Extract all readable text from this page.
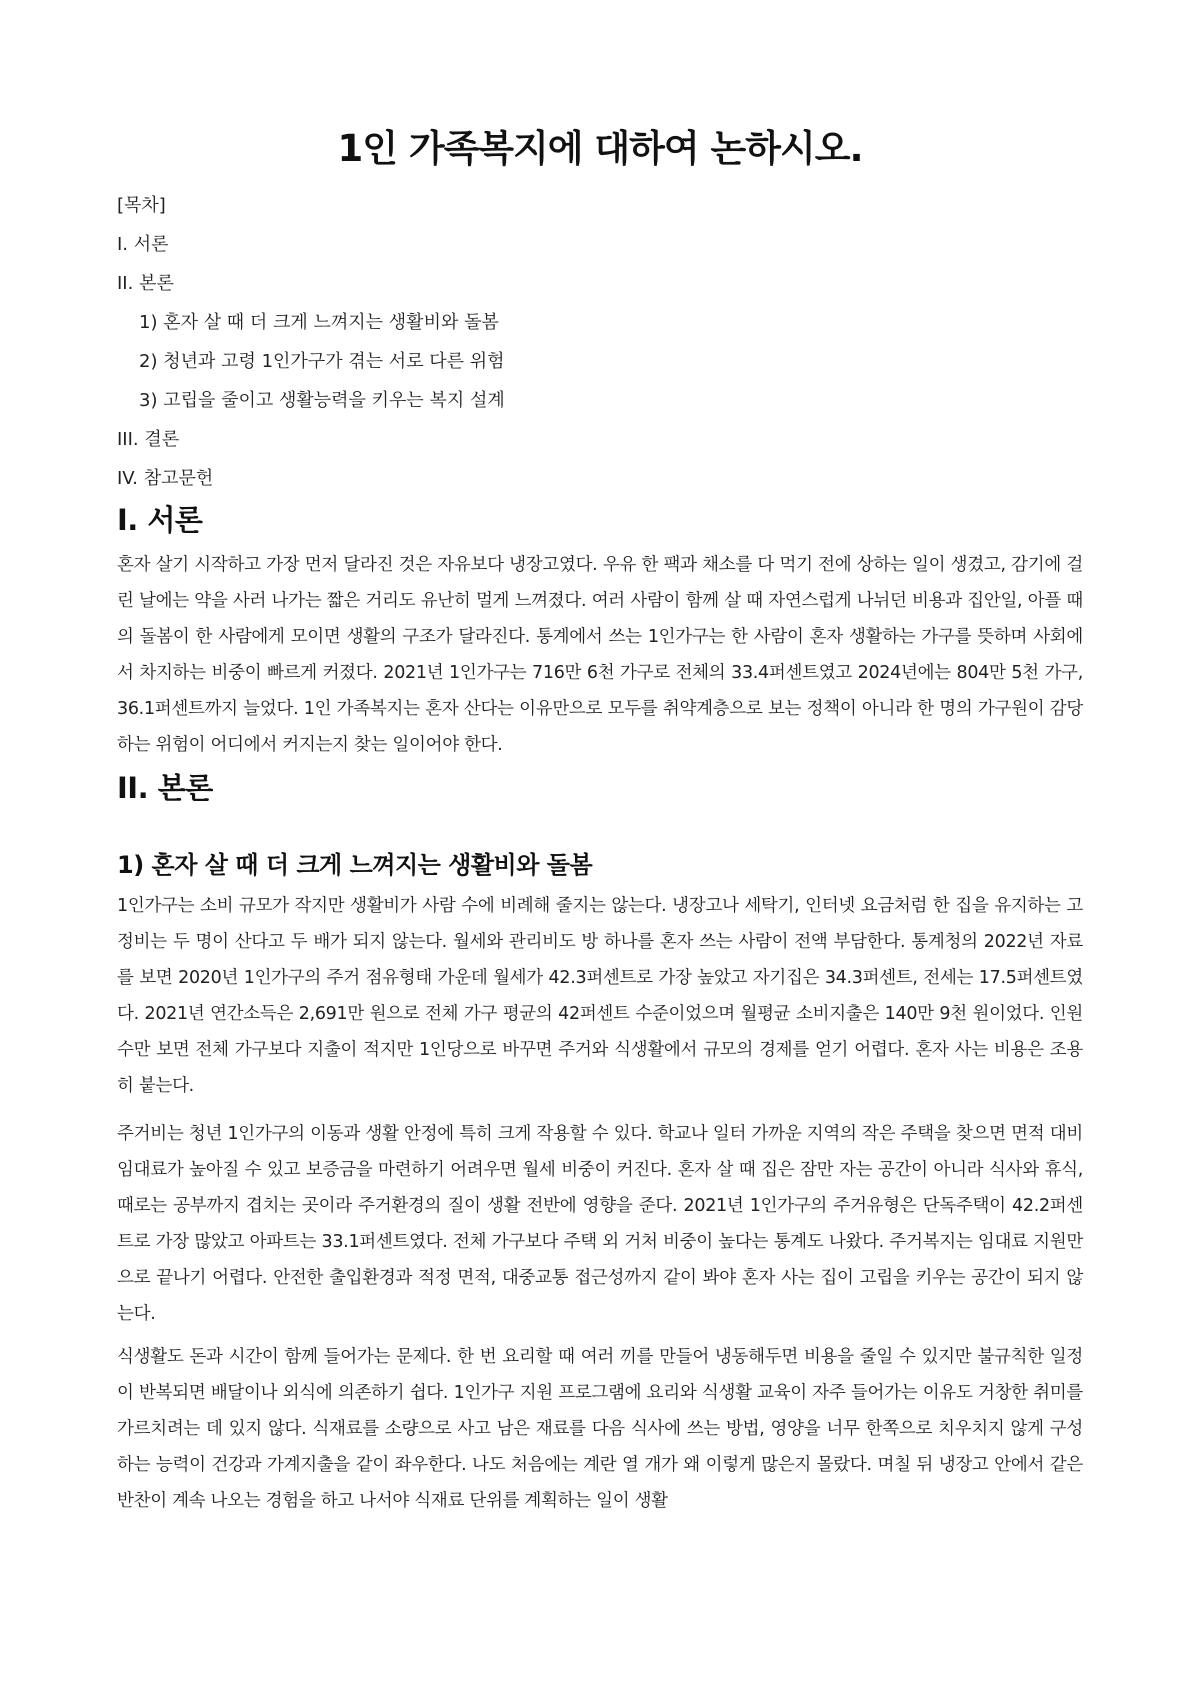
1인 가족복지에 대하여 논하시오.
[목차]
I. 서론
II. 본론
1) 혼자 살 때 더 크게 느껴지는 생활비와 돌봄
2) 청년과 고령 1인가구가 겪는 서로 다른 위험
3) 고립을 줄이고 생활능력을 키우는 복지 설계
III. 결론
IV. 참고문헌
I. 서론

혼자 살기 시작하고 가장 먼저 달라진 것은 자유보다 냉장고였다. 우유 한 팩과 채소를 다 먹기 전에 상하는 일이 생겼고, 감기에 걸린 날에는 약을 사러 나가는 짧은 거리도 유난히 멀게 느껴졌다. 여러 사람이 함께 살 때 자연스럽게 나뉘던 비용과 집안일, 아플 때의 돌봄이 한 사람에게 모이면 생활의 구조가 달라진다. 통계에서 쓰는 1인가구는 한 사람이 혼자 생활하는 가구를 뜻하며 사회에서 차지하는 비중이 빠르게 커졌다. 2021년 1인가구는 716만 6천 가구로 전체의 33.4퍼센트였고 2024년에는 804만 5천 가구, 36.1퍼센트까지 늘었다. 1인 가족복지는 혼자 산다는 이유만으로 모두를 취약계층으로 보는 정책이 아니라 한 명의 가구원이 감당하는 위험이 어디에서 커지는지 찾는 일이어야 한다.

II. 본론
1) 혼자 살 때 더 크게 느껴지는 생활비와 돌봄

1인가구는 소비 규모가 작지만 생활비가 사람 수에 비례해 줄지는 않는다. 냉장고나 세탁기, 인터넷 요금처럼 한 집을 유지하는 고정비는 두 명이 산다고 두 배가 되지 않는다. 월세와 관리비도 방 하나를 혼자 쓰는 사람이 전액 부담한다. 통계청의 2022년 자료를 보면 2020년 1인가구의 주거 점유형태 가운데 월세가 42.3퍼센트로 가장 높았고 자기집은 34.3퍼센트, 전세는 17.5퍼센트였다. 2021년 연간소득은 2,691만 원으로 전체 가구 평균의 42퍼센트 수준이었으며 월평균 소비지출은 140만 9천 원이었다. 인원 수만 보면 전체 가구보다 지출이 적지만 1인당으로 바꾸면 주거와 식생활에서 규모의 경제를 얻기 어렵다. 혼자 사는 비용은 조용히 붙는다.

주거비는 청년 1인가구의 이동과 생활 안정에 특히 크게 작용할 수 있다. 학교나 일터 가까운 지역의 작은 주택을 찾으면 면적 대비 임대료가 높아질 수 있고 보증금을 마련하기 어려우면 월세 비중이 커진다. 혼자 살 때 집은 잠만 자는 공간이 아니라 식사와 휴식, 때로는 공부까지 겹치는 곳이라 주거환경의 질이 생활 전반에 영향을 준다. 2021년 1인가구의 주거유형은 단독주택이 42.2퍼센트로 가장 많았고 아파트는 33.1퍼센트였다. 전체 가구보다 주택 외 거처 비중이 높다는 통계도 나왔다. 주거복지는 임대료 지원만으로 끝나기 어렵다. 안전한 출입환경과 적정 면적, 대중교통 접근성까지 같이 봐야 혼자 사는 집이 고립을 키우는 공간이 되지 않는다.

식생활도 돈과 시간이 함께 들어가는 문제다. 한 번 요리할 때 여러 끼를 만들어 냉동해두면 비용을 줄일 수 있지만 불규칙한 일정이 반복되면 배달이나 외식에 의존하기 쉽다. 1인가구 지원 프로그램에 요리와 식생활 교육이 자주 들어가는 이유도 거창한 취미를 가르치려는 데 있지 않다. 식재료를 소량으로 사고 남은 재료를 다음 식사에 쓰는 방법, 영양을 너무 한쪽으로 치우치지 않게 구성하는 능력이 건강과 가계지출을 같이 좌우한다. 나도 처음에는 계란 열 개가 왜 이렇게 많은지 몰랐다. 며칠 뒤 냉장고 안에서 같은 반찬이 계속 나오는 경험을 하고 나서야 식재료 단위를 계획하는 일이 생활
